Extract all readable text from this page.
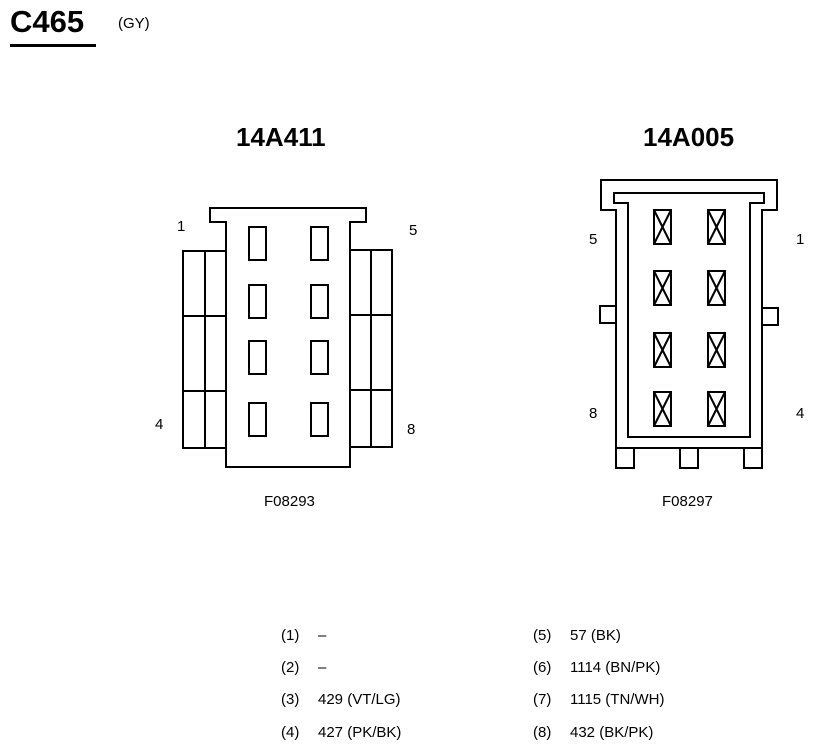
C465 (GY)
14A411	14A005
1
4
5
8
5
8
1
4
F08293	F08297
(1) –
(2) –
(3) 429 (VT/LG)
(4) 427 (PK/BK)
(5) 57 (BK)
(6) 1114 (BN/PK)
(7) 1115 (TN/WH)
(8) 432 (BK/PK)
